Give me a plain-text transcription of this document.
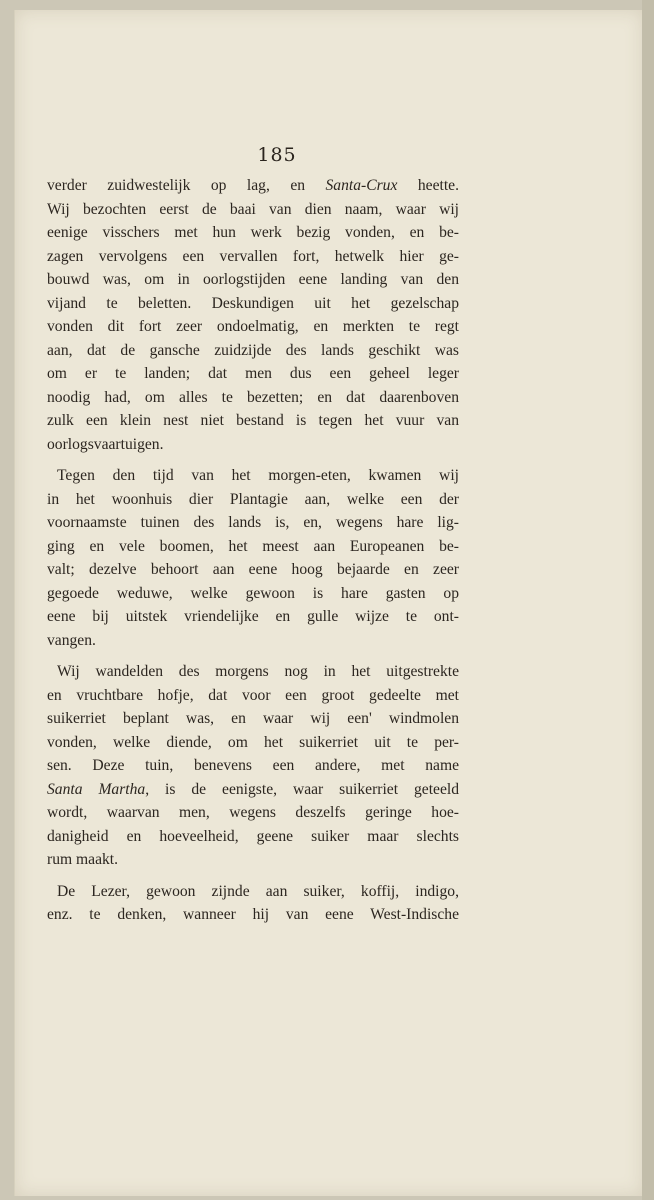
185
verder zuidwestelijk op lag, en Santa-Crux heette.
Wij bezochten eerst de baai van dien naam, waar wij
eenige visschers met hun werk bezig vonden, en be-
zagen vervolgens een vervallen fort, hetwelk hier ge-
bouwd was, om in oorlogstijden eene landing van den
vijand te beletten. Deskundigen uit het gezelschap
vonden dit fort zeer ondoelmatig, en merkten te regt
aan, dat de gansche zuidzijde des lands geschikt was
om er te landen; dat men dus een geheel leger
noodig had, om alles te bezetten; en dat daarenboven
zulk een klein nest niet bestand is tegen het vuur van
oorlogsvaartuigen.
Tegen den tijd van het morgen-eten, kwamen wij
in het woonhuis dier Plantagie aan, welke een der
voornaamste tuinen des lands is, en, wegens hare lig-
ging en vele boomen, het meest aan Europeanen be-
valt; dezelve behoort aan eene hoog bejaarde en zeer
gegoede weduwe, welke gewoon is hare gasten op
eene bij uitstek vriendelijke en gulle wijze te ont-
vangen.
Wij wandelden des morgens nog in het uitgestrekte
en vruchtbare hofje, dat voor een groot gedeelte met
suikerriet beplant was, en waar wij een' windmolen
vonden, welke diende, om het suikerriet uit te per-
sen. Deze tuin, benevens een andere, met name
Santa Martha, is de eenigste, waar suikerriet geteeld
wordt, waarvan men, wegens deszelfs geringe hoe-
danigheid en hoeveelheid, geene suiker maar slechts
rum maakt.
De Lezer, gewoon zijnde aan suiker, koffij, indigo,
enz. te denken, wanneer hij van eene West-Indische
